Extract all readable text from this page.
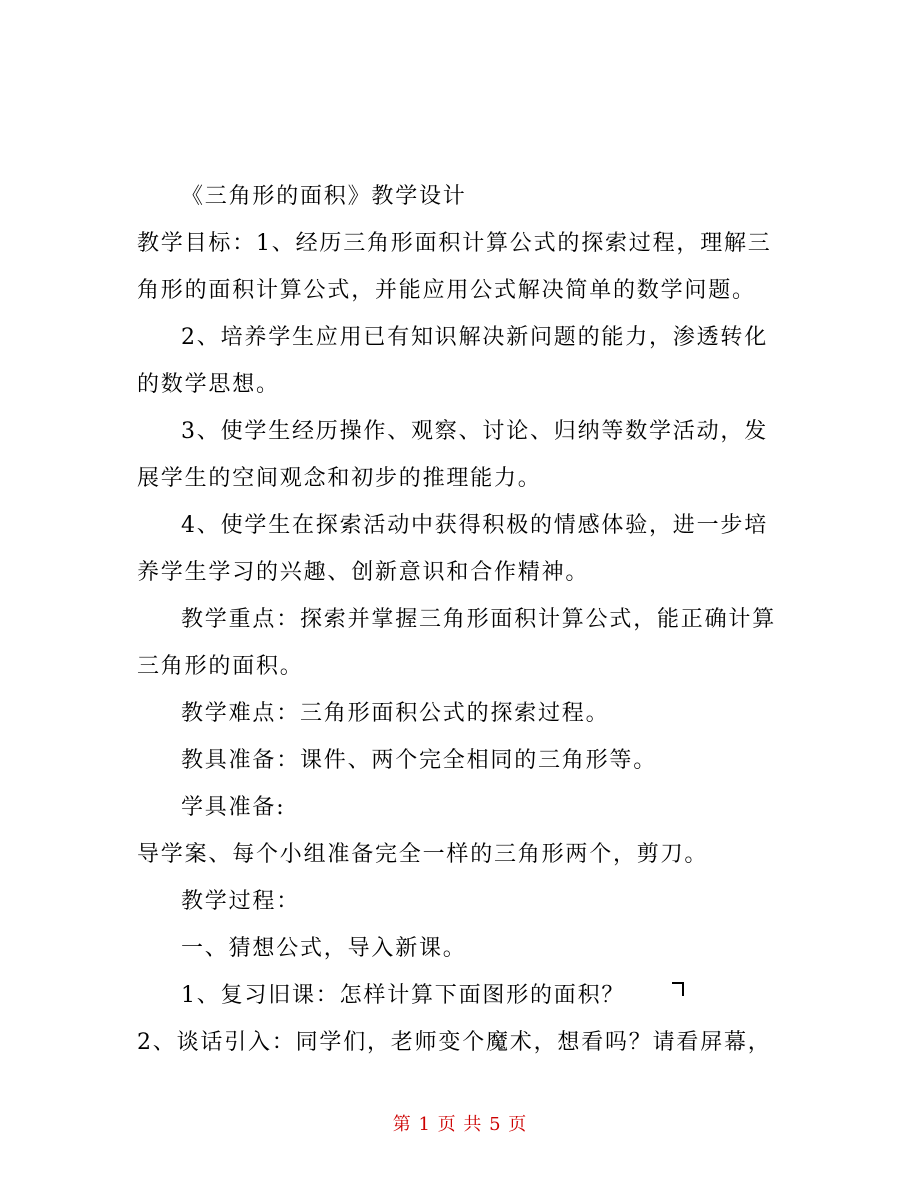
《三角形的面积》教学设计
教学目标：1、经历三角形面积计算公式的探索过程，理解三
角形的面积计算公式，并能应用公式解决简单的数学问题。
2、培养学生应用已有知识解决新问题的能力，渗透转化
的数学思想。
3、使学生经历操作、观察、讨论、归纳等数学活动，发
展学生的空间观念和初步的推理能力。
4、使学生在探索活动中获得积极的情感体验，进一步培
养学生学习的兴趣、创新意识和合作精神。
教学重点：探索并掌握三角形面积计算公式，能正确计算
三角形的面积。
教学难点：三角形面积公式的探索过程。
教具准备：课件、两个完全相同的三角形等。
学具准备:
导学案、每个小组准备完全一样的三角形两个，剪刀。
教学过程：
一、猜想公式，导入新课。
1、复习旧课：怎样计算下面图形的面积？
2、谈话引入：同学们，老师变个魔术，想看吗？请看屏幕，
第 1 页 共 5 页
